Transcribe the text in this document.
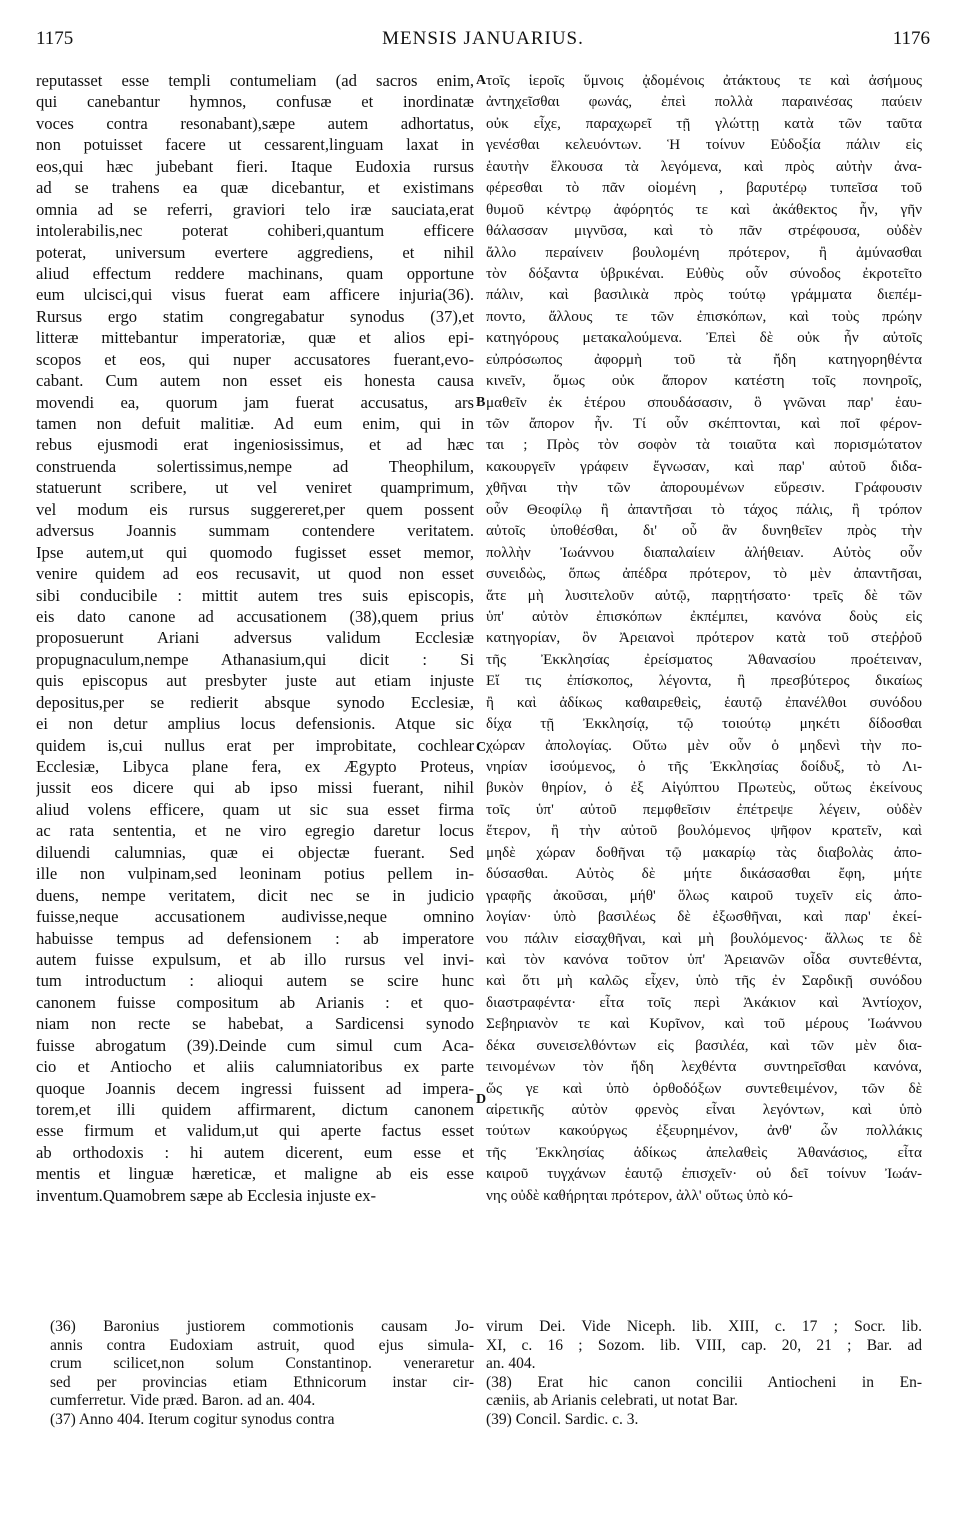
1175	MENSIS JANUARIUS.	1176
reputasset esse templi contumeliam (ad sacros enim,
qui canebantur hymnos, confusæ et inordinatæ
voces contra resonabant),sæpe autem adhortatus,
non potuisset facere ut cessarent,linguam laxat in
eos,qui hæc jubebant fieri. Itaque Eudoxia rursus
ad se trahens ea quæ dicebantur, et existimans
omnia ad se referri, graviori telo iræ sauciata,erat
intolerabilis,nec poterat cohiberi,quantum efficere
poterat, universum evertere aggrediens, et nihil
aliud effectum reddere machinans, quam opportune
eum ulcisci,qui visus fuerat eam afficere injuria(36).
Rursus ergo statim congregabatur synodus (37),et
litteræ mittebantur imperatoriæ, quæ et alios epi-
scopos et eos, qui nuper accusatores fuerant,evo-
cabant. Cum autem non esset eis honesta causa
movendi ea, quorum jam fuerat accusatus, ars
tamen non defuit malitiæ. Ad eum enim, qui in
rebus ejusmodi erat ingeniosissimus, et ad hæc
construenda solertissimus,nempe ad Theophilum,
statuerunt scribere, ut vel veniret quamprimum,
vel modum eis rursus suggereret,per quem possent
adversus Joannis summam contendere veritatem.
Ipse autem,ut qui quomodo fugisset esset memor,
venire quidem ad eos recusavit, ut quod non esset
sibi conducibile : mittit autem tres suis episcopis,
eis dato canone ad accusationem (38),quem prius
proposuerunt Ariani adversus validum Ecclesiæ
propugnaculum,nempe Athanasium,qui dicit : Si
quis episcopus aut presbyter juste aut etiam injuste
depositus,per se redierit absque synodo Ecclesiæ,
ei non detur amplius locus defensionis. Atque sic
quidem is,cui nullus erat per improbitate, cochlear
Ecclesiæ, Libyca plane fera, ex Ægypto Proteus,
jussit eos dicere qui ab ipso missi fuerant, nihil
aliud volens efficere, quam ut sic sua esset firma
ac rata sententia, et ne viro egregio daretur locus
diluendi calumnias, quæ ei objectæ fuerant. Sed
ille non vulpinam,sed leoninam potius pellem in-
duens, nempe veritatem, dicit nec se in judicio
fuisse,neque accusationem audivisse,neque omnino
habuisse tempus ad defensionem : ab imperatore
autem fuisse expulsum, et ab illo rursus vel invi-
tum introductum : alioqui autem se scire hunc
canonem fuisse compositum ab Arianis : et quo-
niam non recte se habebat, a Sardicensi synodo
fuisse abrogatum (39).Deinde cum simul cum Aca-
cio et Antiocho et aliis calumniatoribus ex parte
quoque Joannis decem ingressi fuissent ad impera-
torem,et illi quidem affirmarent, dictum canonem
esse firmum et validum,ut qui aperte factus esset
ab orthodoxis : hi autem dicerent, eum esse et
mentis et linguæ hæreticæ, et maligne ab eis esse
inventum.Quamobrem sæpe ab Ecclesia injuste ex-
τοῖς ἱεροῖς ὕμνοις ᾀδομένοις ἀτάκτους τε καὶ ἀσήμους
ἀντηχεῖσθαι φωνάς, ἐπεὶ πολλὰ παραινέσας παύειν
οὐκ εἶχε, παραχωρεῖ τῇ γλώττῃ κατὰ τῶν ταῦτα
γενέσθαι κελευόντων. Ἡ τοίνυν Εὐδοξία πάλιν εἰς
ἑαυτὴν ἕλκουσα τὰ λεγόμενα, καὶ πρὸς αὐτὴν ἀνα-
φέρεσθαι τὸ πᾶν οἰομένη , βαρυτέρῳ τυπεῖσα τοῦ
θυμοῦ κέντρῳ ἀφόρητός τε καὶ ἀκάθεκτος ἦν, γῆν
θάλασσαν μιγνῦσα, καὶ τὸ πᾶν στρέφουσα, οὐδὲν
ἄλλο περαίνειν βουλομένη πρότερον, ἢ ἀμύνασθαι
τὸν δόξαντα ὑβρικέναι. Εὐθὺς οὖν σύνοδος ἐκροτεῖτο
πάλιν, καὶ βασιλικὰ πρὸς τούτῳ γράμματα διεπέμ-
ποντο, ἄλλους τε τῶν ἐπισκόπων, καὶ τοὺς πρώην
κατηγόρους μετακαλούμενα. Ἐπεὶ δὲ οὐκ ἦν αὐτοῖς
εὐπρόσωπος ἀφορμὴ τοῦ τὰ ἤδη κατηγορηθέντα
κινεῖν, ὅμως οὐκ ἄπορον κατέστη τοῖς πονηροῖς,
μαθεῖν ἐκ ἑτέρου σπουδάσασιν, ὃ γνῶναι παρ' ἑαυ-
τῶν ἄπορον ἦν. Τί οὖν σκέπτονται, καὶ ποῖ φέρον-
ται ; Πρὸς τὸν σοφὸν τὰ τοιαῦτα καὶ πορισμώτατον
κακουργεῖν γράφειν ἔγνωσαν, καὶ παρ' αὐτοῦ διδα-
χθῆναι τὴν τῶν ἀπορουμένων εὕρεσιν. Γράφουσιν
οὖν Θεοφίλῳ ἢ ἀπαντῆσαι τὸ τάχος πάλις, ἢ τρόπον
αὐτοῖς ὑποθέσθαι, δι' οὗ ἂν δυνηθεῖεν πρὸς τὴν
πολλὴν Ἰωάννου διαπαλαίειν ἀλήθειαν. Αὐτὸς οὖν
συνειδὼς, ὅπως ἀπέδρα πρότερον, τὸ μὲν ἀπαντῆσαι,
ἅτε μὴ λυσιτελοῦν αὐτῷ, παρῃτήσατο· τρεῖς δὲ τῶν
ὑπ' αὐτὸν ἐπισκόπων ἐκπέμπει, κανόνα δοὺς εἰς
κατηγορίαν, ὃν Ἀρειανοὶ πρότερον κατὰ τοῦ στεῤῥοῦ
τῆς Ἐκκλησίας ἐρείσματος Ἀθανασίου προέτειναν,
Εἴ τις ἐπίσκοπος, λέγοντα, ἢ πρεσβύτερος δικαίως
ἢ καὶ ἀδίκως καθαιρεθεὶς, ἑαυτῷ ἐπανέλθοι συνόδου
δίχα τῇ Ἐκκλησίᾳ, τῷ τοιούτῳ μηκέτι δίδοσθαι
χώραν ἀπολογίας. Οὕτω μὲν οὖν ὁ μηδενὶ τὴν πο-
νηρίαν ἰσούμενος, ὁ τῆς Ἐκκλησίας δοίδυξ, τὸ Λι-
βυκὸν θηρίον, ὁ ἐξ Αἰγύπτου Πρωτεὺς, οὕτως ἐκείνους
τοῖς ὑπ' αὐτοῦ πεμφθεῖσιν ἐπέτρεψε λέγειν, οὐδὲν
ἕτερον, ἢ τὴν αὐτοῦ βουλόμενος ψῆφον κρατεῖν, καὶ
μηδὲ χώραν δοθῆναι τῷ μακαρίῳ τὰς διαβολὰς ἀπο-
δύσασθαι. Αὐτὸς δὲ μήτε δικάσασθαι ἔφη, μήτε
γραφῆς ἀκοῦσαι, μήθ' ὅλως καιροῦ τυχεῖν εἰς ἀπο-
λογίαν· ὑπὸ βασιλέως δὲ ἐξωσθῆναι, καὶ παρ' ἐκεί-
νου πάλιν εἰσαχθῆναι, καὶ μὴ βουλόμενος· ἄλλως τε δὲ
καὶ τὸν κανόνα τοῦτον ὑπ' Ἀρειανῶν οἶδα συντεθέντα,
καὶ ὅτι μὴ καλῶς εἶχεν, ὑπὸ τῆς ἐν Σαρδικῇ συνόδου
διαστραφέντα· εἶτα τοῖς περὶ Ἀκάκιον καὶ Ἀντίοχον,
Σεβηριανὸν τε καὶ Κυρῖνον, καὶ τοῦ μέρους Ἰωάννου
δέκα συνεισελθόντων εἰς βασιλέα, καὶ τῶν μὲν δια-
τεινομένων τὸν ἤδη λεχθέντα συντηρεῖσθαι κανόνα,
ὥς γε καὶ ὑπὸ ὀρθοδόξων συντεθειμένον, τῶν δὲ
αἱρετικῆς αὐτὸν φρενὸς εἶναι λεγόντων, καὶ ὑπὸ
τούτων κακούργως ἐξευρημένον, ἀνθ' ὧν πολλάκις
τῆς Ἐκκλησίας ἀδίκως ἀπελαθεὶς Ἀθανάσιος, εἶτα
καιροῦ τυγχάνων ἑαυτῷ ἐπισχεῖν· οὐ δεῖ τοίνυν Ἰωάν-
νης οὐδὲ καθήρηται πρότερον, ἀλλ' οὕτως ὑπὸ κό-
A
B
C
D
(36) Baronius justiorem commotionis causam Jo-
annis contra Eudoxiam astruit, quod ejus simula-
crum scilicet,non solum Constantinop. veneraretur
sed per provincias etiam Ethnicorum instar cir-
cumferretur. Vide præd. Baron. ad an. 404.
(37) Anno 404. Iterum cogitur synodus contra
virum Dei. Vide Niceph. lib. XIII, c. 17 ; Socr. lib.
XI, c. 16 ; Sozom. lib. VIII, cap. 20, 21 ; Bar. ad
an. 404.
(38) Erat hic canon concilii Antiocheni in En-
cæniis, ab Arianis celebrati, ut notat Bar.
(39) Concil. Sardic. c. 3.
